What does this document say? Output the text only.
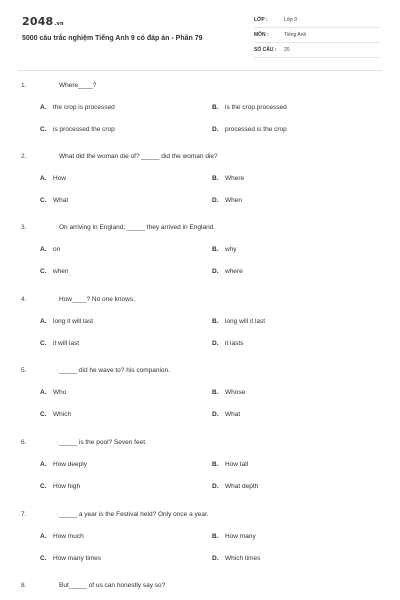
2048.vn
5000 câu trắc nghiệm Tiếng Anh 9 có đáp án - Phần 79
LỚP :	Lớp 9
MÔN :	Tiếng Anh
SỐ CÂU : 20
1.	Where____?
A. the crop is processed	B. is the crop processed
C. is processed the crop	D. processed is the crop
2.	What did the woman die of? _____ did the woman die?
A. How	B. Where
C. What	D. When
3.	On arriving in England; _____ they arrived in England.
A. on	B. why
C. when	D. where
4.	How____? No one knows.
A. long it will last	B. long will it last
C. it will last	D. it lasts
5.	_____ did he wave to? his companion.
A. Who	B. Whose
C. Which	D. What
6.	_____ is the pool? Seven feet.
A. How deeply	B. How tall
C. How high	D. What depth
7.	_____ a year is the Festival held? Only once a year.
A. How much	B. How many
C. How many times	D. Which times
8.	But_____ of us can honestly say so?
